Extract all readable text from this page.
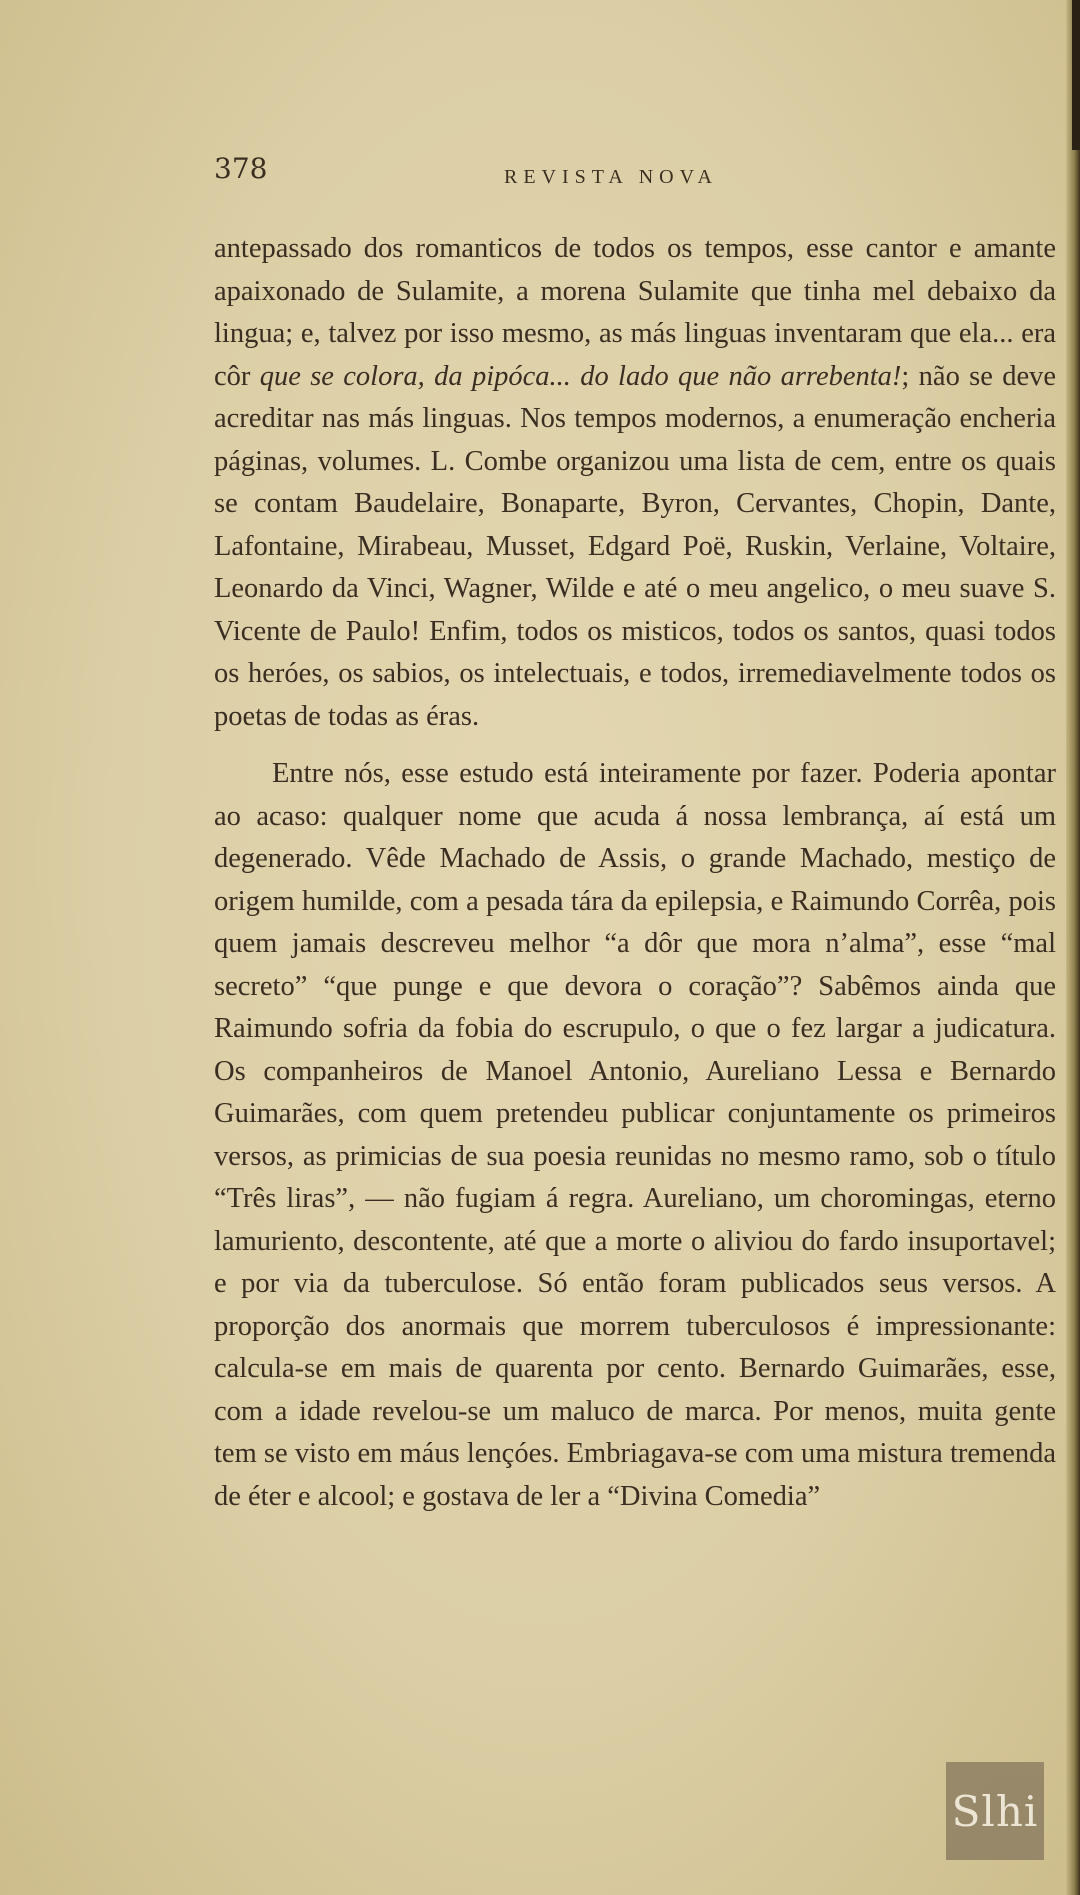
378	REVISTA NOVA

antepassado dos romanticos de todos os tempos, esse cantor e amante apaixonado de Sulamite, a morena Sulamite que tinha mel debaixo da lingua; e, talvez por isso mesmo, as más linguas inventaram que ela... era côr que se colora, da pipóca... do lado que não arrebenta!; não se deve acreditar nas más linguas. Nos tempos modernos, a enumeração encheria páginas, volumes. L. Combe organizou uma lista de cem, entre os quais se contam Baudelaire, Bonaparte, Byron, Cervantes, Chopin, Dante, Lafontaine, Mirabeau, Musset, Edgard Poë, Ruskin, Verlaine, Voltaire, Leonardo da Vinci, Wagner, Wilde e até o meu angelico, o meu suave S. Vicente de Paulo! Enfim, todos os misticos, todos os santos, quasi todos os heróes, os sabios, os intelectuais, e todos, irremediavelmente todos os poetas de todas as éras.

Entre nós, esse estudo está inteiramente por fazer. Poderia apontar ao acaso: qualquer nome que acuda á nossa lembrança, aí está um degenerado. Vêde Machado de Assis, o grande Machado, mestiço de origem humilde, com a pesada tára da epilepsia, e Raimundo Corrêa, pois quem jamais descreveu melhor “a dôr que mora n’alma”, esse “mal secreto” “que punge e que devora o coração”? Sabêmos ainda que Raimundo sofria da fobia do escrupulo, o que o fez largar a judicatura. Os companheiros de Manoel Antonio, Aureliano Lessa e Bernardo Guimarães, com quem pretendeu publicar conjuntamente os primeiros versos, as primicias de sua poesia reunidas no mesmo ramo, sob o título “Três liras”, — não fugiam á regra. Aureliano, um choromingas, eterno lamuriento, descontente, até que a morte o aliviou do fardo insuportavel; e por via da tuberculose. Só então foram publicados seus versos. A proporção dos anormais que morrem tuberculosos é impressionante: calcula-se em mais de quarenta por cento. Bernardo Guimarães, esse, com a idade revelou-se um maluco de marca. Por menos, muita gente tem se visto em máus lençóes. Embriagava-se com uma mistura tremenda de éter e alcool; e gostava de ler a “Divina Comedia”

Slhi
